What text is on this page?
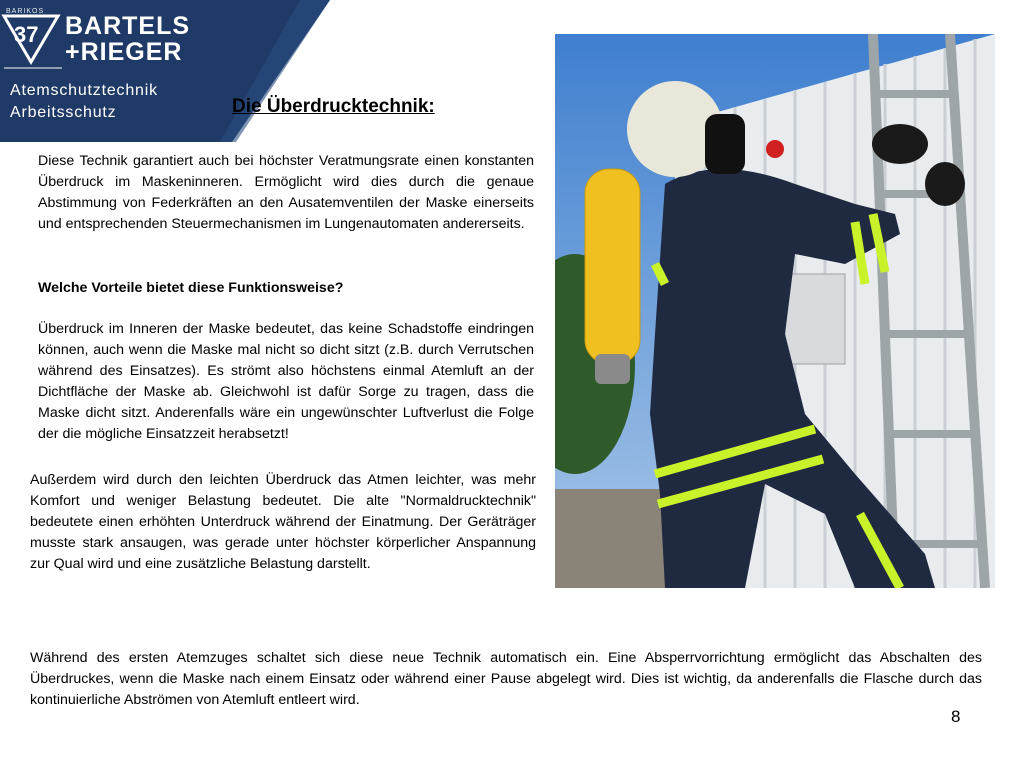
37
BARIKOS
BARTELS
+RIEGER
Atemschutztechnik
Arbeitsschutz	Die Überdrucktechnik:

Diese Technik garantiert auch bei höchster Veratmungsrate einen konstanten Überdruck im Maskeninneren. Ermöglicht wird dies durch die genaue Abstimmung von Federkräften an den Ausatemventilen der Maske einerseits und entsprechenden Steuermechanismen im Lungenautomaten andererseits.

Welche Vorteile bietet diese Funktionsweise?

Überdruck im Inneren der Maske bedeutet, das keine Schadstoffe eindringen können, auch wenn die Maske mal nicht so dicht sitzt (z.B. durch Verrutschen während des Einsatzes). Es strömt also höchstens einmal Atemluft an der Dichtfläche der Maske ab. Gleichwohl ist dafür Sorge zu tragen, dass die Maske dicht sitzt. Anderenfalls wäre ein ungewünschter Luftverlust die Folge der die mögliche Einsatzzeit herabsetzt!

Außerdem wird durch den leichten Überdruck das Atmen leichter, was mehr Komfort und weniger Belastung bedeutet. Die alte "Normaldrucktechnik" bedeutete einen erhöhten Unterdruck während der Einatmung. Der Geräträger musste stark ansaugen, was gerade unter höchster körperlicher Anspannung zur Qual wird und eine zusätzliche Belastung darstellt.

Während des ersten Atemzuges schaltet sich diese neue Technik automatisch ein. Eine Absperrvorrichtung ermöglicht das Abschalten des Überdruckes, wenn die Maske nach einem Einsatz oder während einer Pause abgelegt wird. Dies ist wichtig, da anderenfalls die Flasche durch das kontinuierliche Abströmen von Atemluft entleert wird.

8
